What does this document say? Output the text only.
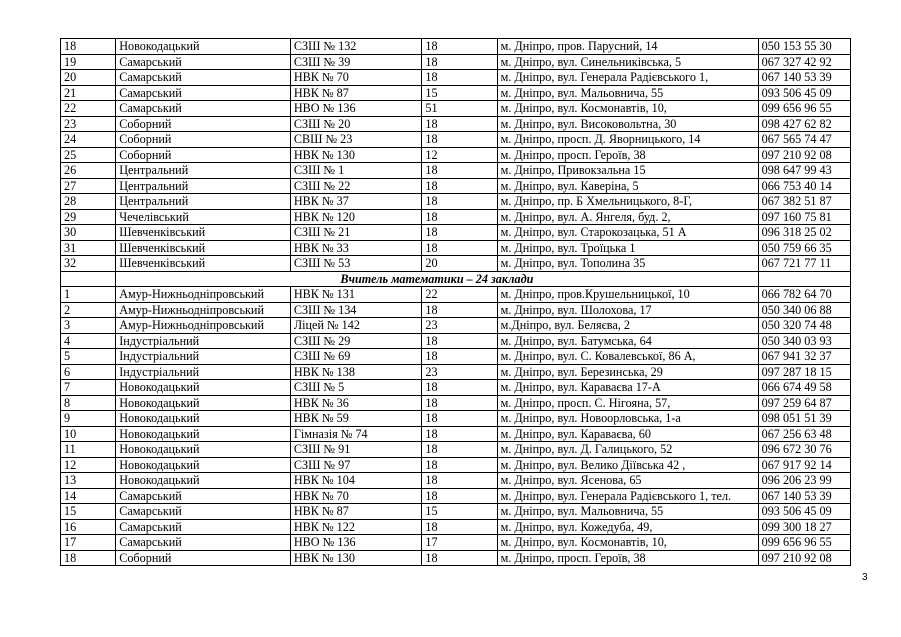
18	Новокодацький	СЗШ № 132	18	м. Дніпро, пров. Парусний, 14	050 153 55 30
19	Самарський	СЗШ № 39	18	м. Дніпро, вул. Синельниківська, 5	067 327 42 92
20	Самарський	НВК № 70	18	м. Дніпро, вул. Генерала Радієвського 1,	067 140 53 39
21	Самарський	НВК № 87	15	м. Дніпро, вул. Мальовнича, 55	093 506 45 09
22	Самарський	НВО № 136	51	м. Дніпро, вул. Космонавтів, 10,	099 656 96 55
23	Соборний	СЗШ № 20	18	м. Дніпро, вул. Високовольтна, 30	098 427 62 82
24	Соборний	СВШ № 23	18	м. Дніпро, просп. Д. Яворницького, 14	067 565 74 47
25	Соборний	НВК № 130	12	м. Дніпро, просп. Героїв, 38	097 210 92 08
26	Центральний	СЗШ № 1	18	м. Дніпро, Привокзальна 15	098 647 99 43
27	Центральний	СЗШ № 22	18	м. Дніпро, вул. Каверіна, 5	066 753 40 14
28	Центральний	НВК № 37	18	м. Дніпро, пр. Б Хмельницького, 8-Г,	067 382 51 87
29	Чечелівський	НВК № 120	18	м. Дніпро, вул. А. Янгеля, буд. 2,	097 160 75 81
30	Шевченківський	СЗШ № 21	18	м. Дніпро, вул. Старокозацька, 51 А	096 318 25 02
31	Шевченківський	НВК № 33	18	м. Дніпро, вул. Троїцька 1	050 759 66 35
32	Шевченківський	СЗШ № 53	20	м. Дніпро, вул. Тополина 35	067 721 77 11
	Вчитель математики – 24 заклади				
1	Амур-Нижньодніпровський	НВК № 131	22	м. Дніпро, пров.Крушельницької, 10	066 782 64 70
2	Амур-Нижньодніпровський	СЗШ № 134	18	м. Дніпро, вул. Шолохова, 17	050 340 06 88
3	Амур-Нижньодніпровський	Ліцей № 142	23	м.Дніпро, вул. Беляєва, 2	050 320 74 48
4	Індустріальний	СЗШ № 29	18	м. Дніпро, вул. Батумська, 64	050 340 03 93
5	Індустріальний	СЗШ № 69	18	м. Дніпро, вул. С. Ковалевської, 86 А,	067 941 32 37
6	Індустріальний	НВК № 138	23	м. Дніпро, вул. Березинська, 29	097 287 18 15
7	Новокодацький	СЗШ № 5	18	м. Дніпро, вул. Караваєва 17-А	066 674 49 58
8	Новокодацький	НВК № 36	18	м. Дніпро, просп. С. Нігояна, 57,	097 259 64 87
9	Новокодацький	НВК № 59	18	м. Дніпро, вул. Новоорловська, 1-а	098 051 51 39
10	Новокодацький	Гімназія № 74	18	м. Дніпро, вул. Караваєва, 60	067 256 63 48
11	Новокодацький	СЗШ № 91	18	м. Дніпро, вул. Д. Галицького, 52	096 672 30 76
12	Новокодацький	СЗШ № 97	18	м. Дніпро, вул. Велико Діївська 42 ,	067 917 92 14
13	Новокодацький	НВК № 104	18	м. Дніпро, вул. Ясенова, 65	096 206 23 99
14	Самарський	НВК № 70	18	м. Дніпро, вул. Генерала Радієвського 1, тел.	067 140 53 39
15	Самарський	НВК № 87	15	м. Дніпро, вул. Мальовнича, 55	093 506 45 09
16	Самарський	НВК № 122	18	м. Дніпро, вул. Кожедуба, 49,	099 300 18 27
17	Самарський	НВО № 136	17	м. Дніпро, вул. Космонавтів, 10,	099 656 96 55
18	Соборний	НВК № 130	18	м. Дніпро, просп. Героїв, 38	097 210 92 08
3
